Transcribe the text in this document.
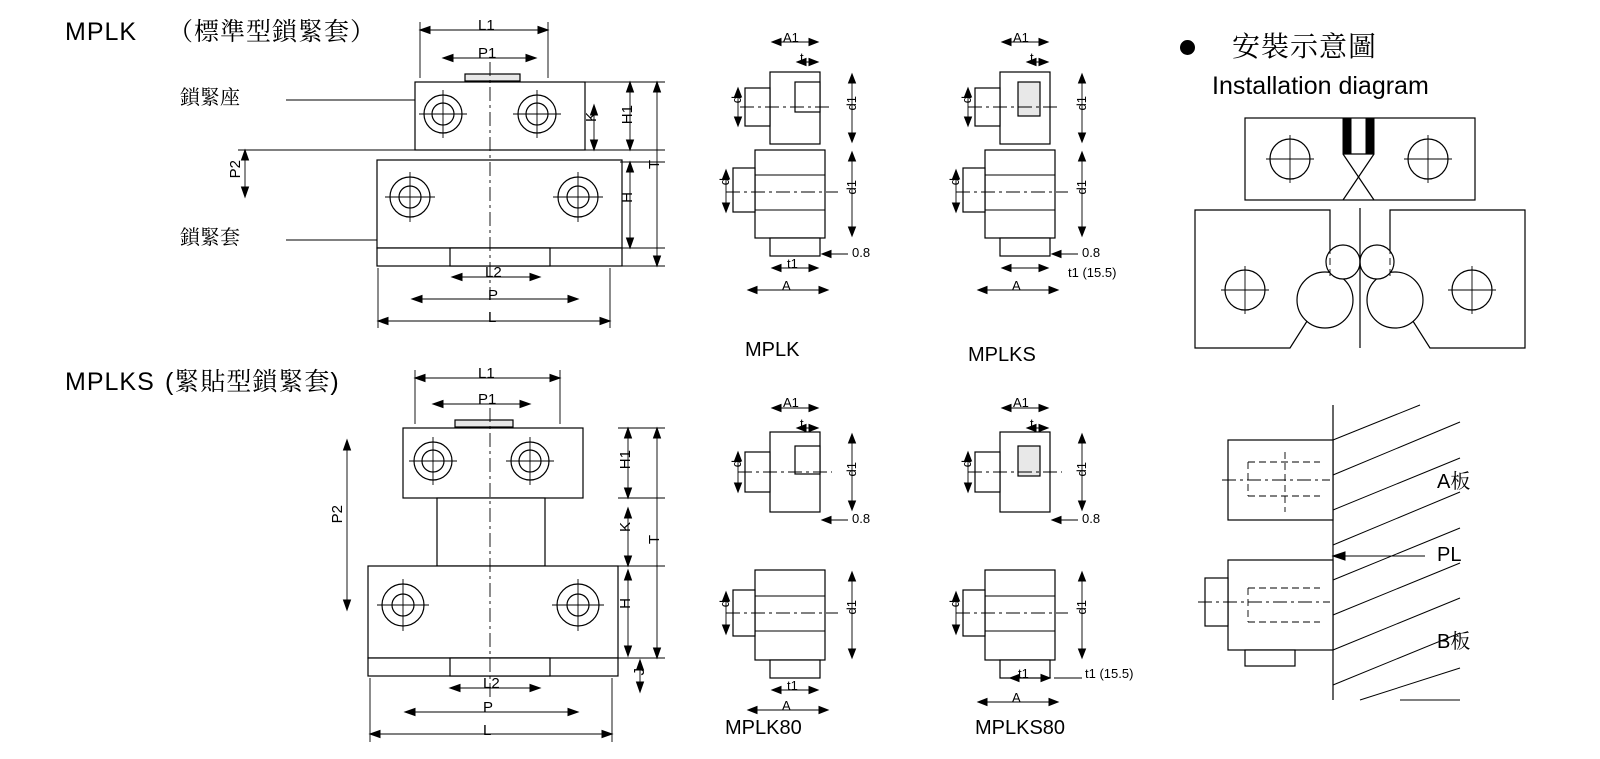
MPLK （標準型鎖緊套）
MPLKS (緊貼型鎖緊套)
鎖緊座
鎖緊套
L1
P1
P2
L2
P
L
K H1
T
H
A1
t
d	d1
d	d1
0.8
t1
A
MPLK
A1
t
d	d1
d	d1
0.8
t1 (15.5)
A
MPLKS
L1
P1
P2
L2
P
L
H1
K
T
H
J
A1
t
d	d1
0.8
d	d1
t1
A
MPLK80
A1
t
d	d1
0.8
d	d1
t1	t1 (15.5)
A
MPLKS80
安裝示意圖
Installation diagram
A板
PL
B板
